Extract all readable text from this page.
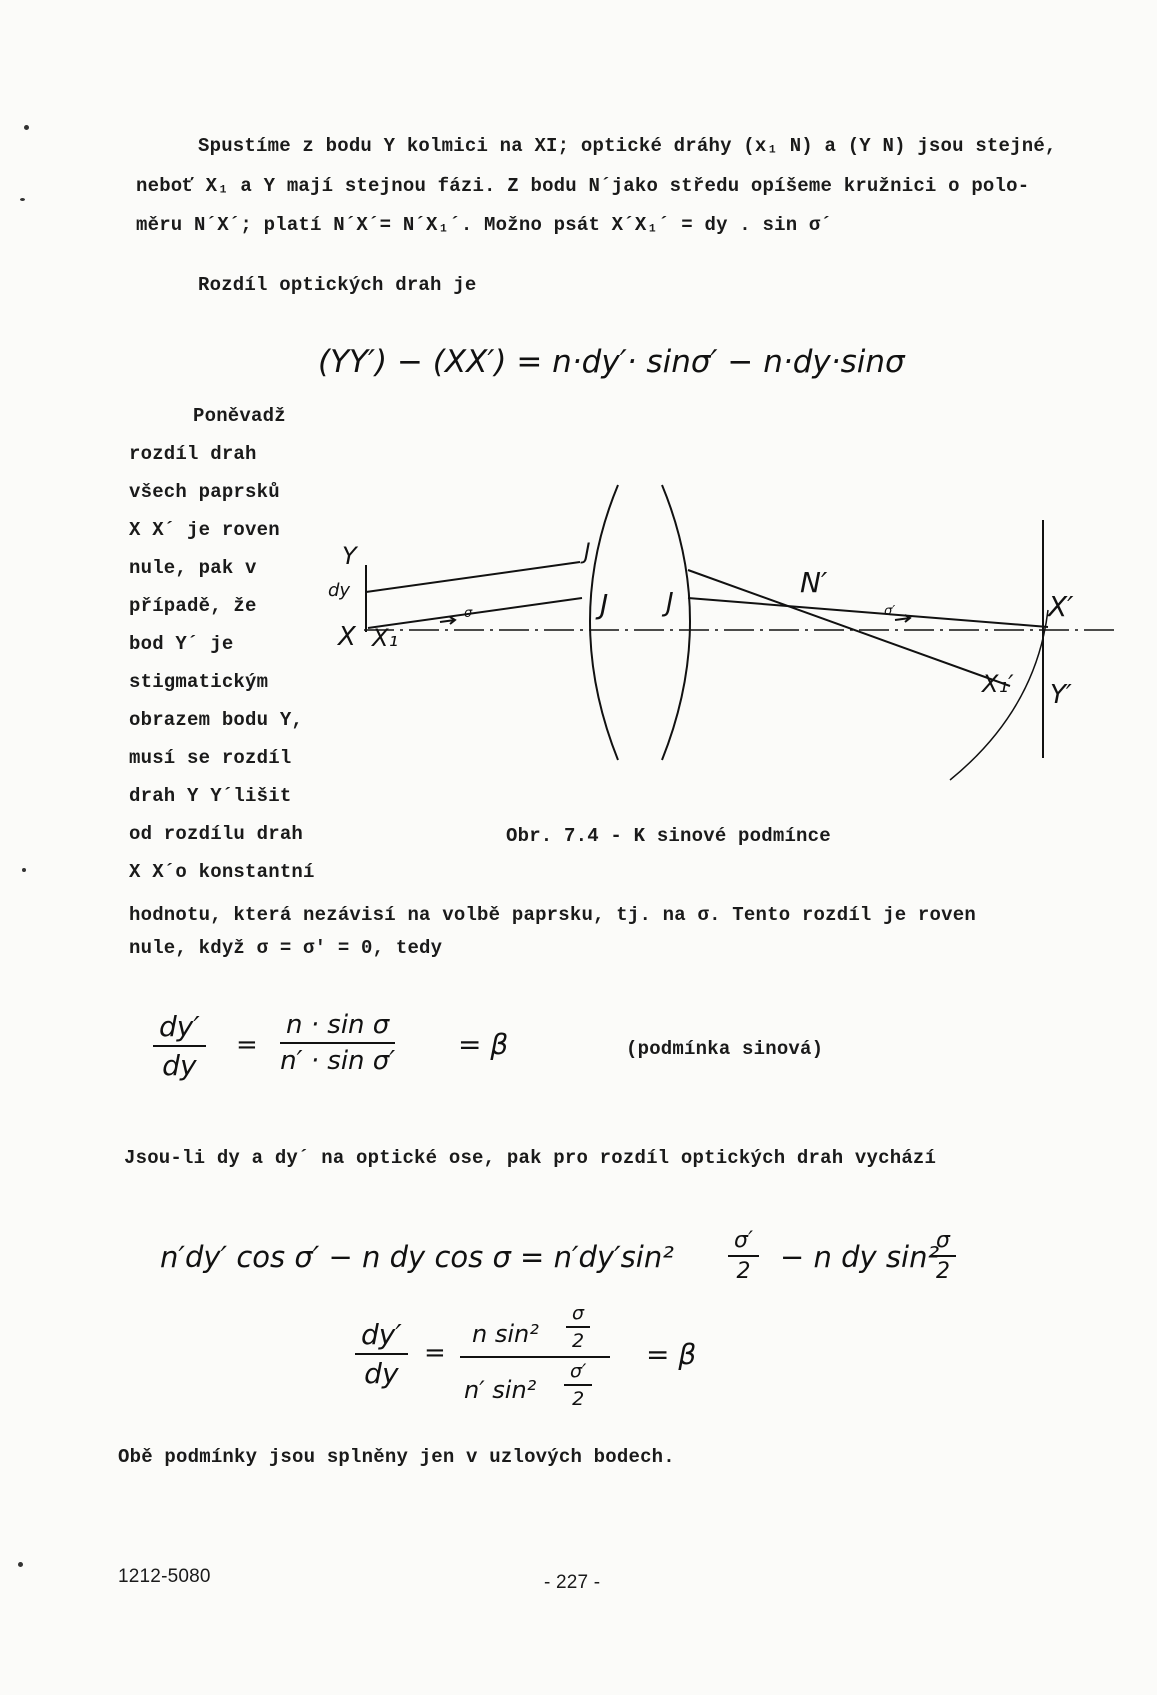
Spustíme z bodu Y kolmici na XI; optické dráhy (x₁ N) a (Y N) jsou stejné,
neboť X₁ a Y mají stejnou fázi. Z bodu N´jako středu opíšeme kružnici o polo-
měru N´X´; platí N´X´= N´X₁´. Možno psát X´X₁´ = dy . sin σ´
Rozdíl optických drah je
(YY′) − (XX′) = n·dy′· sinσ′ − n·dy·sinσ
Poněvadž
rozdíl drah
všech paprsků
X X´ je roven
nule, pak v
případě, že
bod Y´ je
stigmatickým
obrazem bodu Y,
musí se rozdíl
drah Y Y´lišit
od rozdílu drah
X X´o konstantní
Y
dy
X X₁
J
J J
N′
X′
X₁′ Y′
σ	σ′
Obr. 7.4 - K sinové podmínce
hodnotu, která nezávisí na volbě paprsku, tj. na σ. Tento rozdíl je roven
nule, když σ = σ′ = 0, tedy
$\frac{dy'}{dy} = \frac{\text{n · sin σ}}{\text{n′ · sin σ′}} = \beta$	(podmínka sinová)
Jsou-li dy a dy´ na optické ose, pak pro rozdíl optických drah vychází
n′dy′ cos σ′ − n dy $\cos \sigma = n'dy'\sin^2 \frac{\sigma'}{2} - n$ dy sin²
$\frac{\sigma}{2}$
$\frac{dy'}{dy}$ =
n $\sin^2 \frac{\sigma}{2}$
n′ $\sin^2 \frac{\sigma'}{2}$
= β
Obě podmínky jsou splněny jen v uzlových bodech.
1212-5080	- 227 -
